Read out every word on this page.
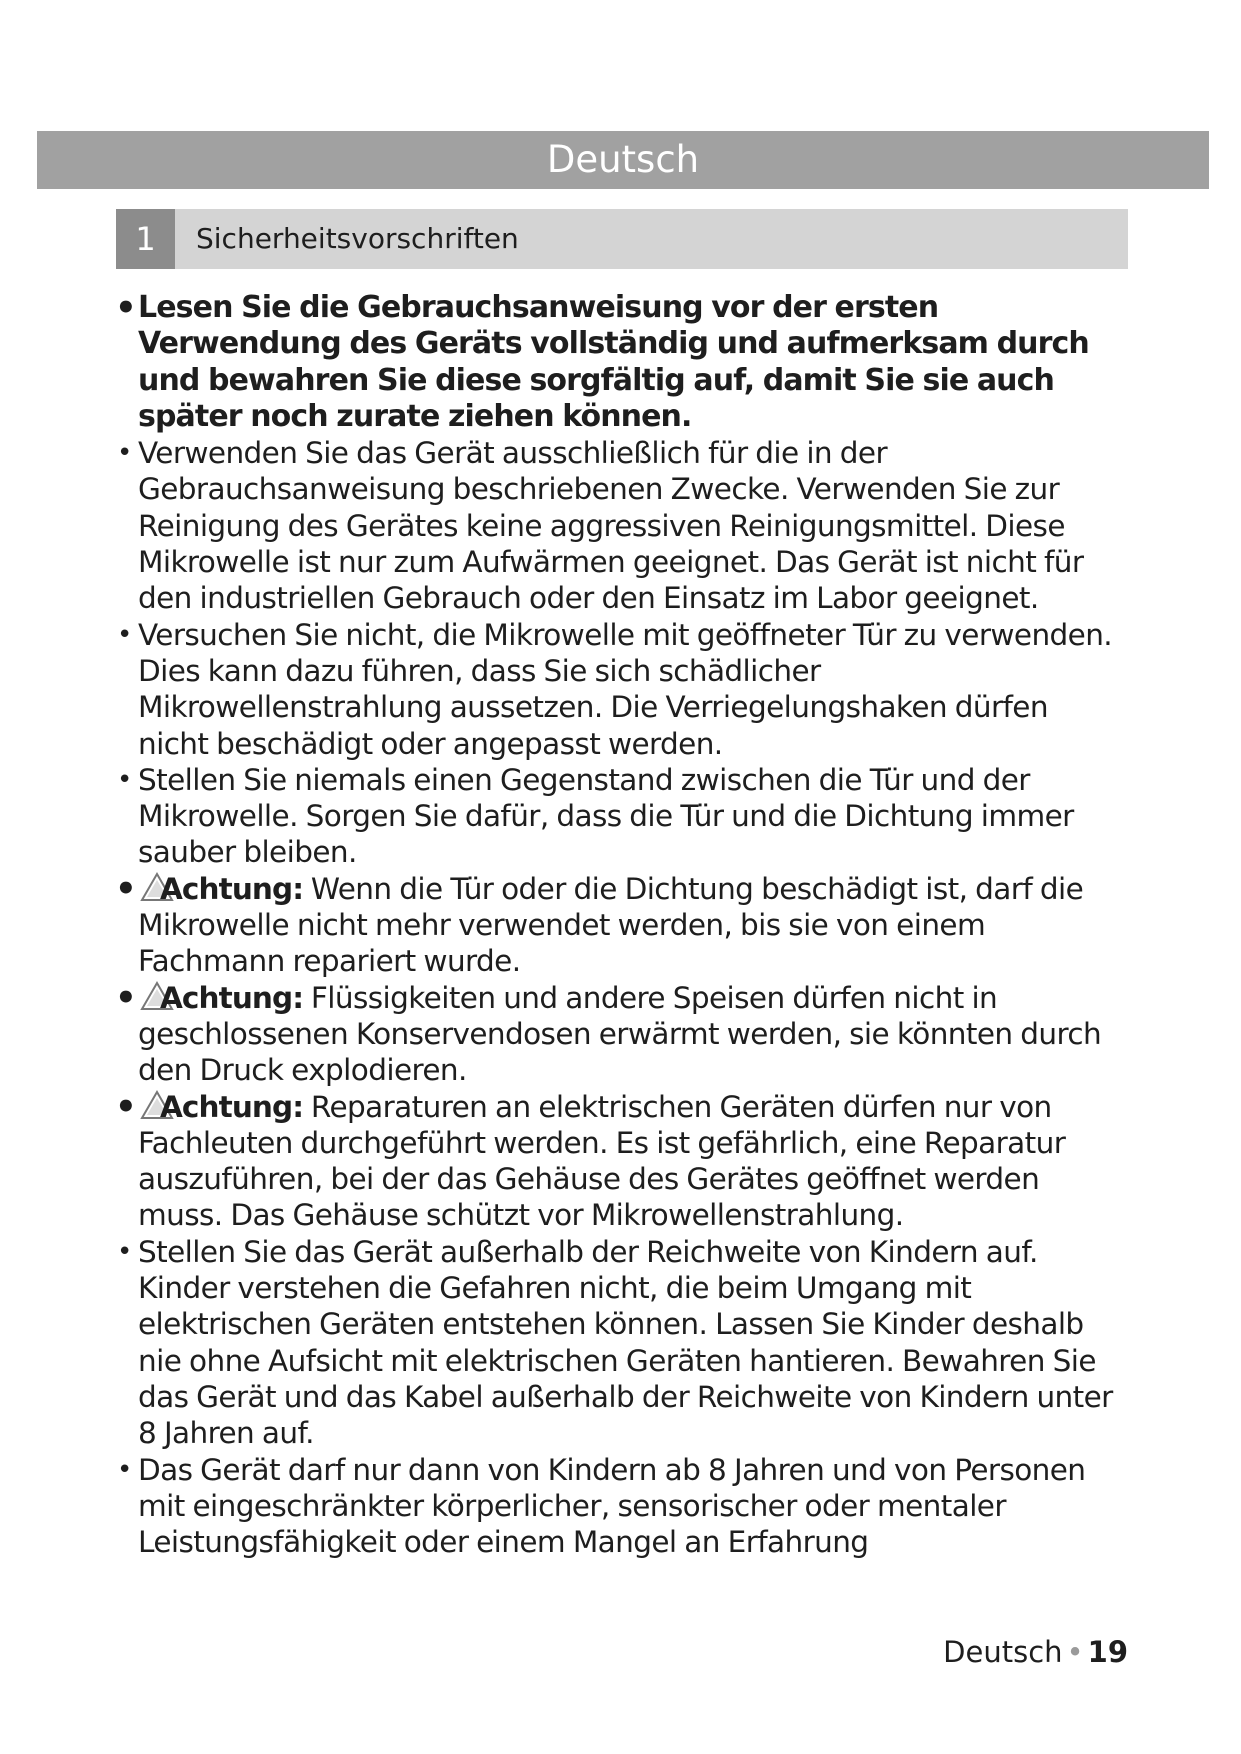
Deutsch
1	Sicherheitsvorschriften
• Lesen Sie die Gebrauchsanweisung vor der ersten Verwendung des Geräts vollständig und aufmerksam durch und bewahren Sie diese sorgfältig auf, damit Sie sie auch später noch zurate ziehen können.
• Verwenden Sie das Gerät ausschließlich für die in der Gebrauchsanweisung beschriebenen Zwecke. Verwenden Sie zur Reinigung des Gerätes keine aggressiven Reinigungsmittel. Diese Mikrowelle ist nur zum Aufwärmen geeignet. Das Gerät ist nicht für den industriellen Gebrauch oder den Einsatz im Labor geeignet.
• Versuchen Sie nicht, die Mikrowelle mit geöffneter Tür zu verwenden. Dies kann dazu führen, dass Sie sich schädlicher Mikrowellenstrahlung aussetzen. Die Verriegelungshaken dürfen nicht beschädigt oder angepasst werden.
• Stellen Sie niemals einen Gegenstand zwischen die Tür und der Mikrowelle. Sorgen Sie dafür, dass die Tür und die Dichtung immer sauber bleiben.
• Achtung: Wenn die Tür oder die Dichtung beschädigt ist, darf die Mikrowelle nicht mehr verwendet werden, bis sie von einem Fachmann repariert wurde.
• Achtung: Flüssigkeiten und andere Speisen dürfen nicht in geschlossenen Konservendosen erwärmt werden, sie könnten durch den Druck explodieren.
• Achtung: Reparaturen an elektrischen Geräten dürfen nur von Fachleuten durchgeführt werden. Es ist gefährlich, eine Reparatur auszuführen, bei der das Gehäuse des Gerätes geöffnet werden muss. Das Gehäuse schützt vor Mikrowellenstrahlung.
• Stellen Sie das Gerät außerhalb der Reichweite von Kindern auf. Kinder verstehen die Gefahren nicht, die beim Umgang mit elektrischen Geräten entstehen können. Lassen Sie Kinder deshalb nie ohne Aufsicht mit elektrischen Geräten hantieren. Bewahren Sie das Gerät und das Kabel außerhalb der Reichweite von Kindern unter 8 Jahren auf.
• Das Gerät darf nur dann von Kindern ab 8 Jahren und von Personen mit eingeschränkter körperlicher, sensorischer oder mentaler Leistungsfähigkeit oder einem Mangel an Erfahrung
Deutsch • 19
